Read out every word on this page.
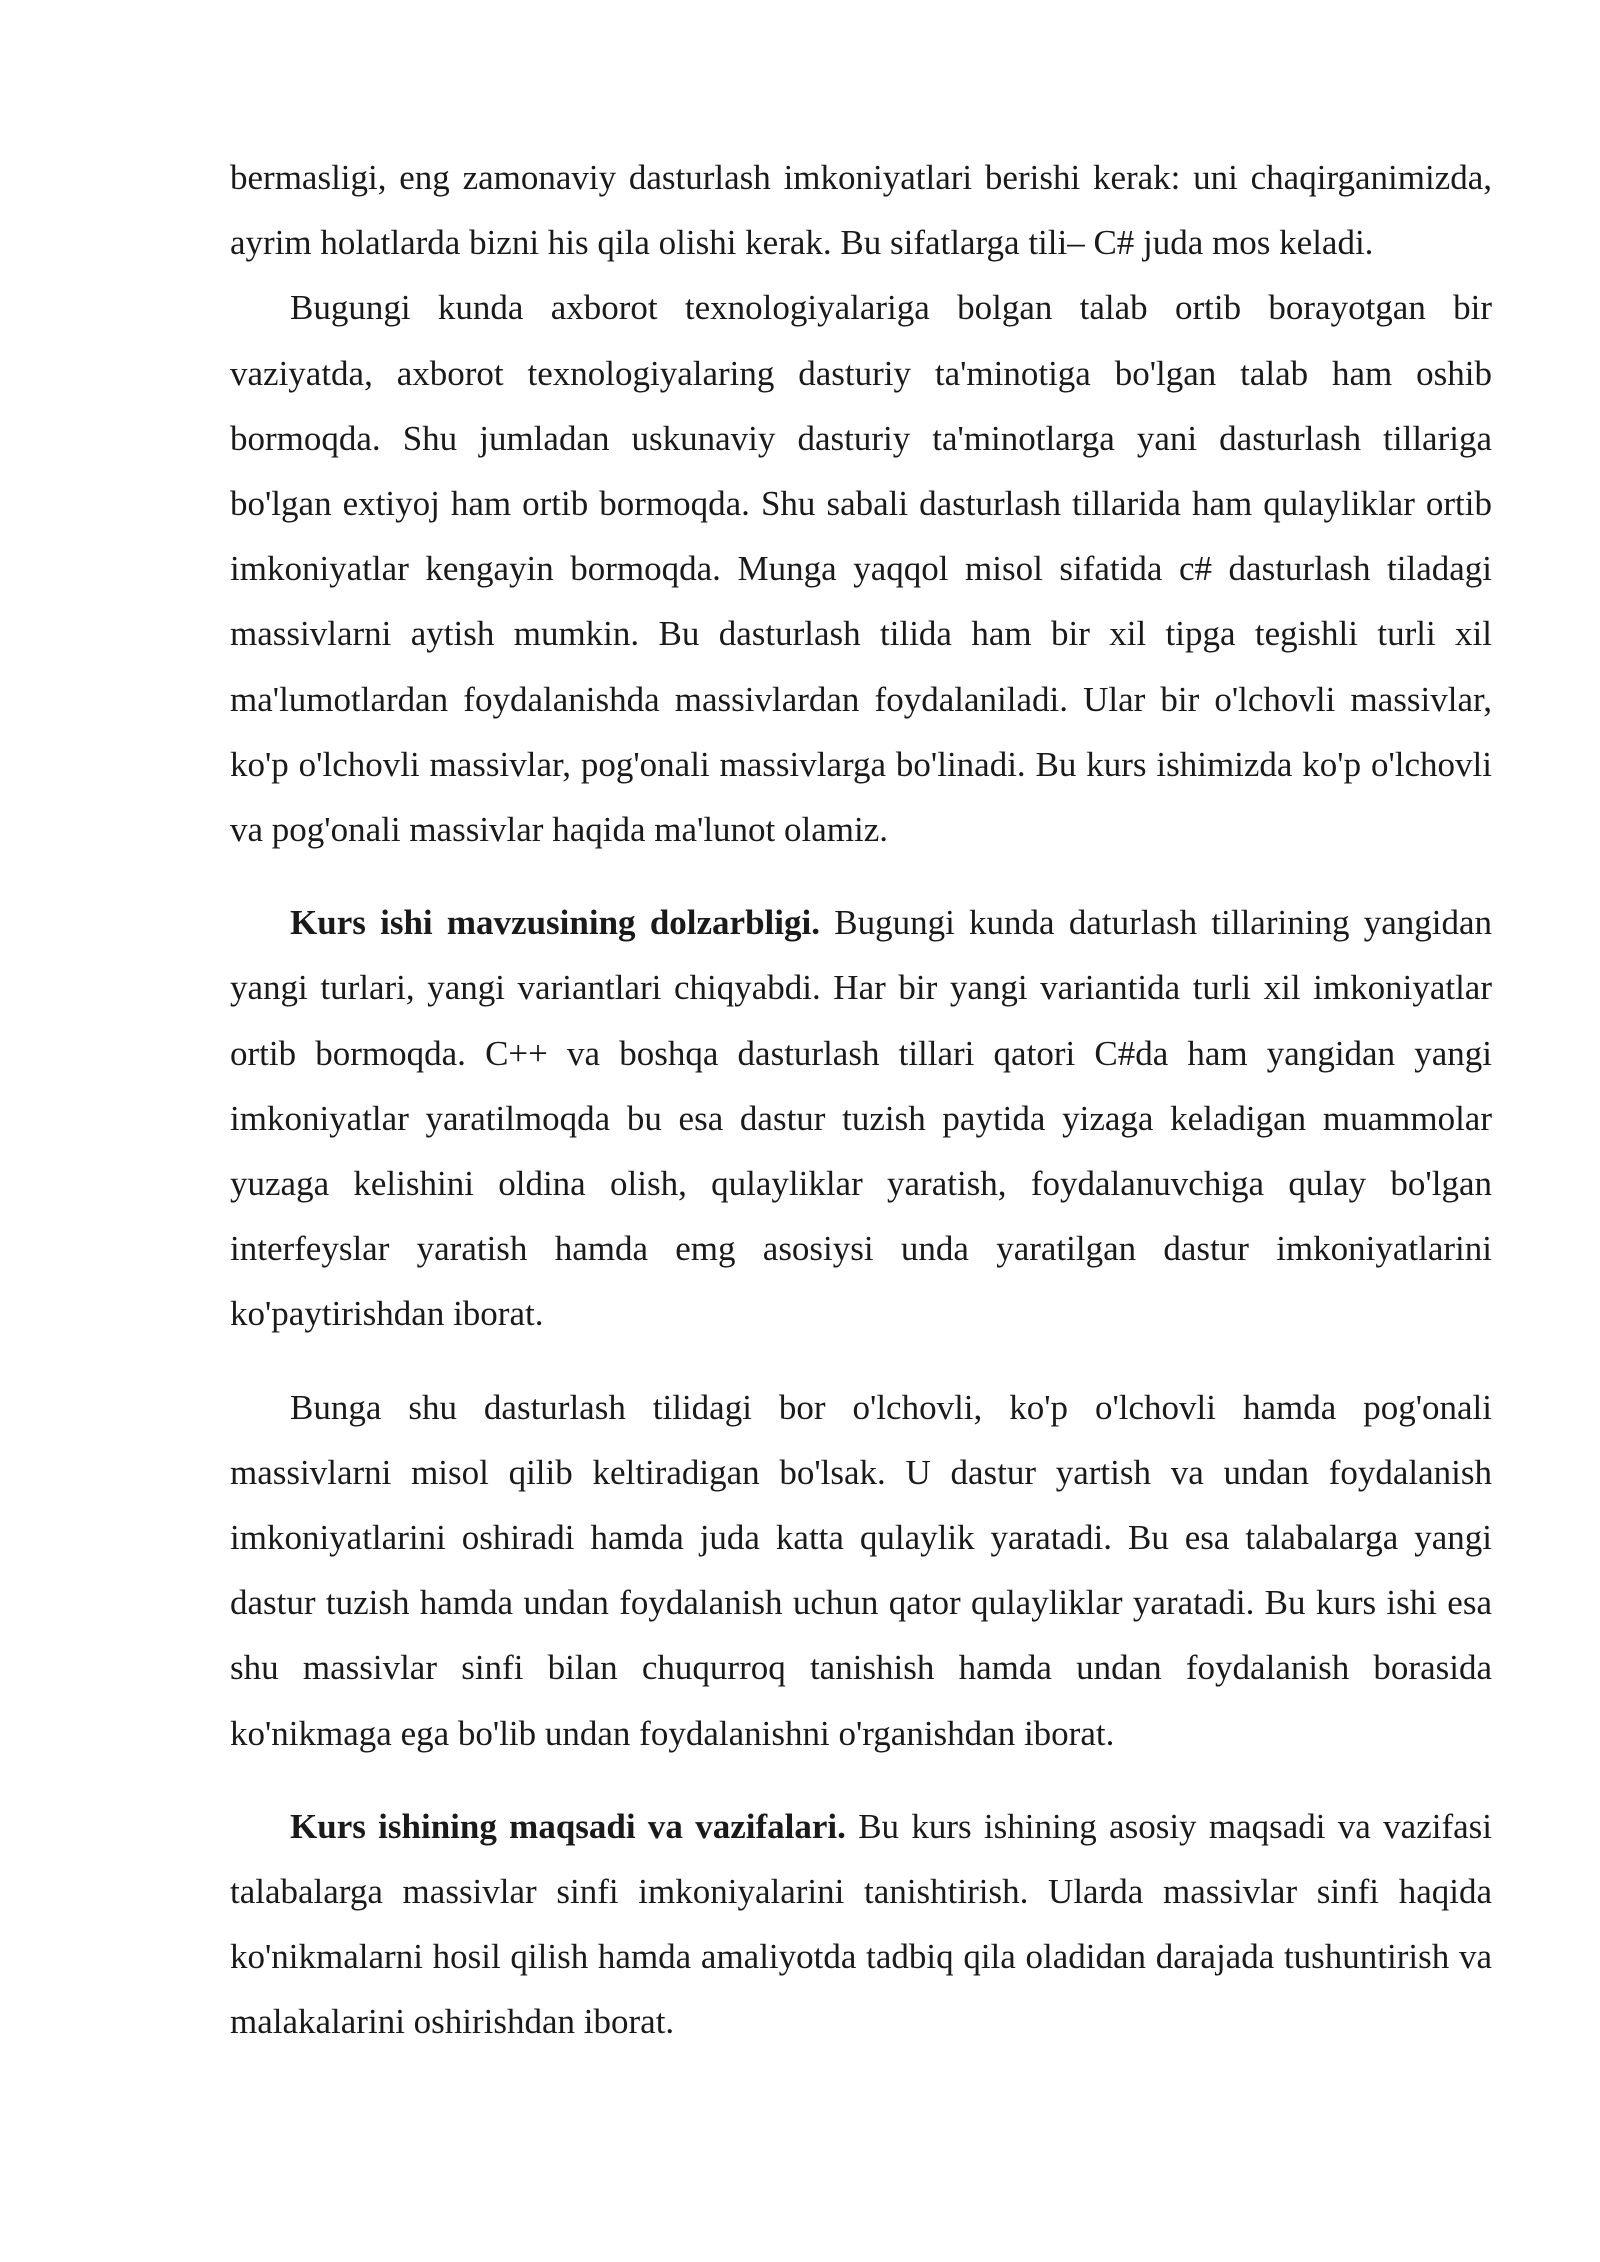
bermasligi, eng zamonaviy dasturlash imkoniyatlari berishi kerak: uni chaqirganimizda, ayrim holatlarda bizni his qila olishi kerak. Bu sifatlarga tili– C# juda mos keladi.

Bugungi kunda axborot texnologiyalariga bolgan talab ortib borayotgan bir vaziyatda, axborot texnologiyalaring dasturiy ta'minotiga bo'lgan talab ham oshib bormoqda. Shu jumladan uskunaviy dasturiy ta'minotlarga yani dasturlash tillariga bo'lgan extiyoj ham ortib bormoqda. Shu sabali dasturlash tillarida ham qulayliklar ortib imkoniyatlar kengayin bormoqda. Munga yaqqol misol sifatida c# dasturlash tiladagi massivlarni aytish mumkin. Bu dasturlash tilida ham bir xil tipga tegishli turli xil ma'lumotlardan foydalanishda massivlardan foydalaniladi. Ular bir o'lchovli massivlar, ko'p o'lchovli massivlar, pog'onali massivlarga bo'linadi. Bu kurs ishimizda ko'p o'lchovli va pog'onali massivlar haqida ma'lunot olamiz.

Kurs ishi mavzusining dolzarbligi. Bugungi kunda daturlash tillarining yangidan yangi turlari, yangi variantlari chiqyabdi. Har bir yangi variantida turli xil imkoniyatlar ortib bormoqda. C++ va boshqa dasturlash tillari qatori C#da ham yangidan yangi imkoniyatlar yaratilmoqda bu esa dastur tuzish paytida yizaga keladigan muammolar yuzaga kelishini oldina olish, qulayliklar yaratish, foydalanuvchiga qulay bo'lgan interfeyslar yaratish hamda emg asosiysi unda yaratilgan dastur imkoniyatlarini ko'paytirishdan iborat.

Bunga shu dasturlash tilidagi bor o'lchovli, ko'p o'lchovli hamda pog'onali massivlarni misol qilib keltiradigan bo'lsak. U dastur yartish va undan foydalanish imkoniyatlarini oshiradi hamda juda katta qulaylik yaratadi. Bu esa talabalarga yangi dastur tuzish hamda undan foydalanish uchun qator qulayliklar yaratadi. Bu kurs ishi esa shu massivlar sinfi bilan chuqurroq tanishish hamda undan foydalanish borasida ko'nikmaga ega bo'lib undan foydalanishni o'rganishdan iborat.

Kurs ishining maqsadi va vazifalari. Bu kurs ishining asosiy maqsadi va vazifasi talabalarga massivlar sinfi imkoniyalarini tanishtirish. Ularda massivlar sinfi haqida ko'nikmalarni hosil qilish hamda amaliyotda tadbiq qila oladidan darajada tushuntirish va malakalarini oshirishdan iborat.
